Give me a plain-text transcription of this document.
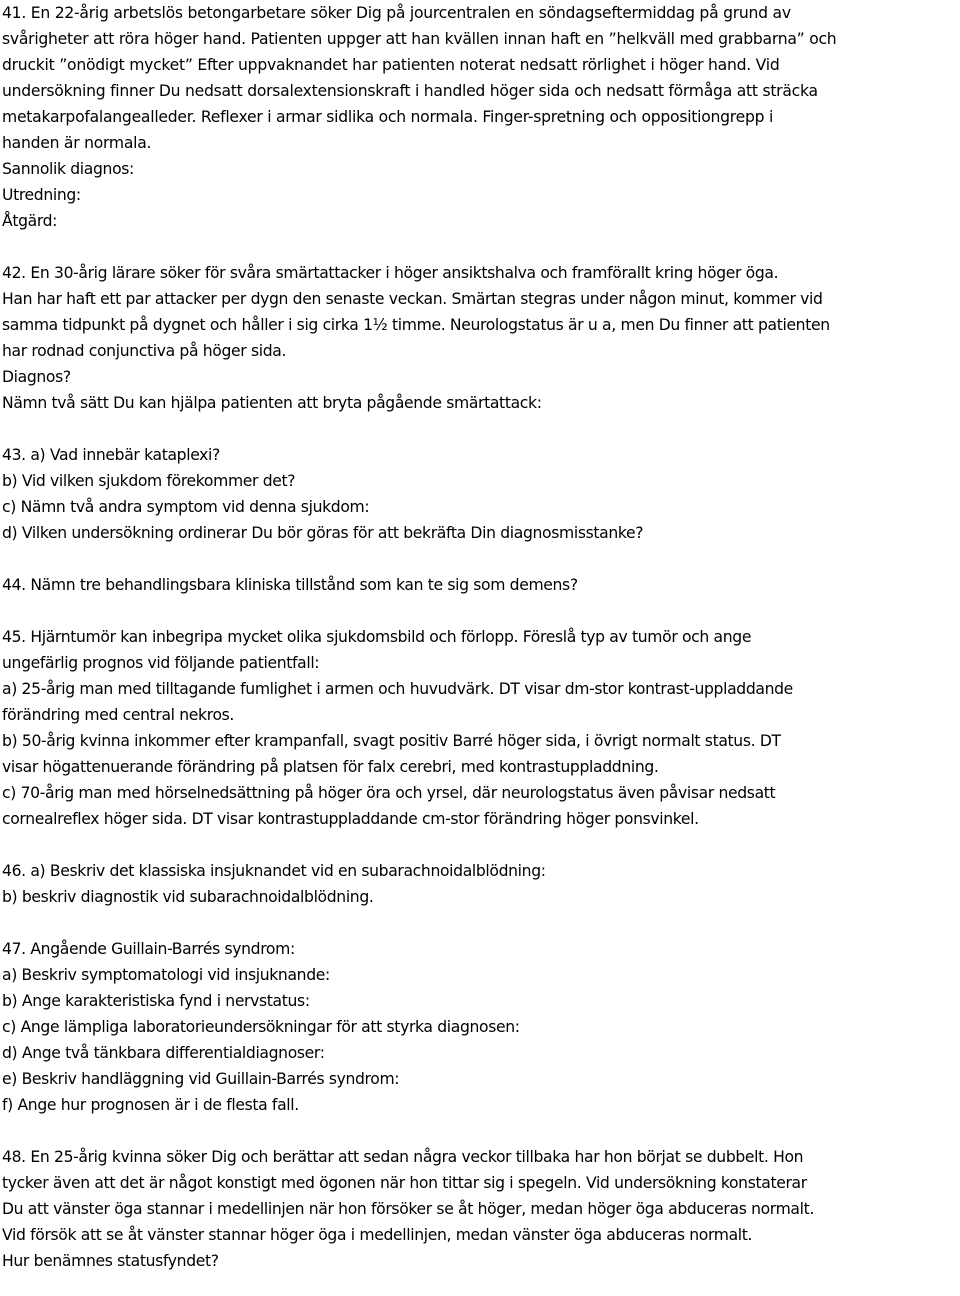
41. En 22-årig arbetslös betongarbetare söker Dig på jourcentralen en söndagseftermiddag på grund av
svårigheter att röra höger hand. Patienten uppger att han kvällen innan haft en ”helkväll med grabbarna” och
druckit ”onödigt mycket” Efter uppvaknandet har patienten noterat nedsatt rörlighet i höger hand. Vid
undersökning finner Du nedsatt dorsalextensionskraft i handled höger sida och nedsatt förmåga att sträcka
metakarpofalangealleder. Reflexer i armar sidlika och normala. Finger-spretning och oppositiongrepp i
handen är normala.
Sannolik diagnos:
Utredning:
Åtgärd:
42. En 30-årig lärare söker för svåra smärtattacker i höger ansiktshalva och framförallt kring höger öga.
Han har haft ett par attacker per dygn den senaste veckan. Smärtan stegras under någon minut, kommer vid
samma tidpunkt på dygnet och håller i sig cirka 1½ timme. Neurologstatus är u a, men Du finner att patienten
har rodnad conjunctiva på höger sida.
Diagnos?
Nämn två sätt Du kan hjälpa patienten att bryta pågående smärtattack:
43. a) Vad innebär kataplexi?
b) Vid vilken sjukdom förekommer det?
c) Nämn två andra symptom vid denna sjukdom:
d) Vilken undersökning ordinerar Du bör göras för att bekräfta Din diagnosmisstanke?
44. Nämn tre behandlingsbara kliniska tillstånd som kan te sig som demens?
45. Hjärntumör kan inbegripa mycket olika sjukdomsbild och förlopp. Föreslå typ av tumör och ange
ungefärlig prognos vid följande patientfall:
a) 25-årig man med tilltagande fumlighet i armen och huvudvärk. DT visar dm-stor kontrast-uppladdande
förändring med central nekros.
b) 50-årig kvinna inkommer efter krampanfall, svagt positiv Barré höger sida, i övrigt normalt status. DT
visar högattenuerande förändring på platsen för falx cerebri, med kontrastuppladdning.
c) 70-årig man med hörselnedsättning på höger öra och yrsel, där neurologstatus även påvisar nedsatt
cornealreflex höger sida. DT visar kontrastuppladdande cm-stor förändring höger ponsvinkel.
46. a) Beskriv det klassiska insjuknandet vid en subarachnoidalblödning:
b) beskriv diagnostik vid subarachnoidalblödning.
47. Angående Guillain-Barrés syndrom:
a) Beskriv symptomatologi vid insjuknande:
b) Ange karakteristiska fynd i nervstatus:
c) Ange lämpliga laboratorieundersökningar för att styrka diagnosen:
d) Ange två tänkbara differentialdiagnoser:
e) Beskriv handläggning vid Guillain-Barrés syndrom:
f) Ange hur prognosen är i de flesta fall.
48. En 25-årig kvinna söker Dig och berättar att sedan några veckor tillbaka har hon börjat se dubbelt. Hon
tycker även att det är något konstigt med ögonen när hon tittar sig i spegeln. Vid undersökning konstaterar
Du att vänster öga stannar i medellinjen när hon försöker se åt höger, medan höger öga abduceras normalt.
Vid försök att se åt vänster stannar höger öga i medellinjen, medan vänster öga abduceras normalt.
Hur benämnes statusfyndet?
